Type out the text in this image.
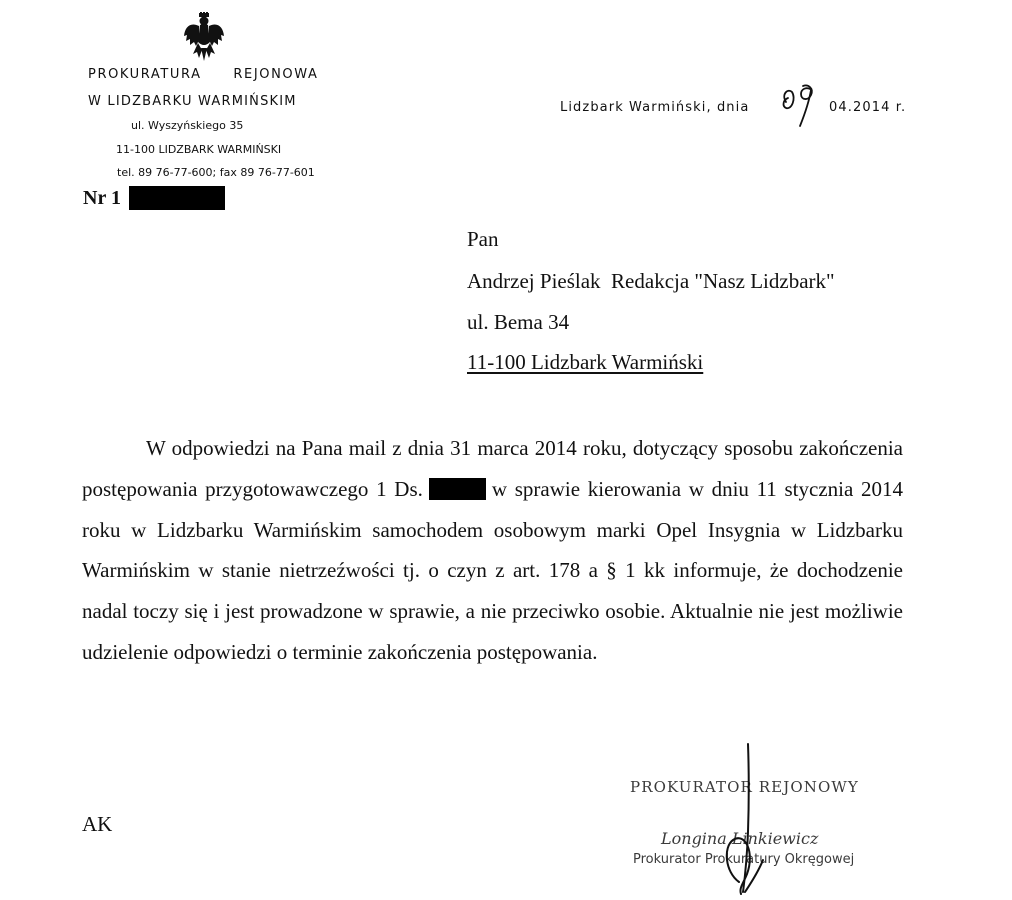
PROKURATURA REJONOWA
W LIDZBARKU WARMIŃSKIM
ul. Wyszyńskiego 35
11-100 LIDZBARK WARMIŃSKI
tel. 89 76-77-600; fax 89 76-77-601
Nr 1
Lidzbark Warmiński, dnia	04.2014 r.
Pan
Andrzej Pieślak  Redakcja "Nasz Lidzbark"
ul. Bema 34
11-100 Lidzbark Warmiński

W odpowiedzi na Pana mail z dnia 31 marca 2014 roku, dotyczący sposobu zakończenia postępowania przygotowawczego 1 Ds.	w sprawie kierowania w dniu 11 stycznia 2014 roku w Lidzbarku Warmińskim samochodem osobowym marki Opel Insygnia w Lidzbarku Warmińskim w stanie nietrzeźwości tj. o czyn z art. 178 a § 1 kk informuje, że dochodzenie nadal toczy się i jest prowadzone w sprawie, a nie przeciwko osobie. Aktualnie nie jest możliwie udzielenie odpowiedzi o terminie zakończenia postępowania.

PROKURATOR REJONOWY
Longina Linkiewicz
Prokurator Prokuratury Okręgowej
AK
